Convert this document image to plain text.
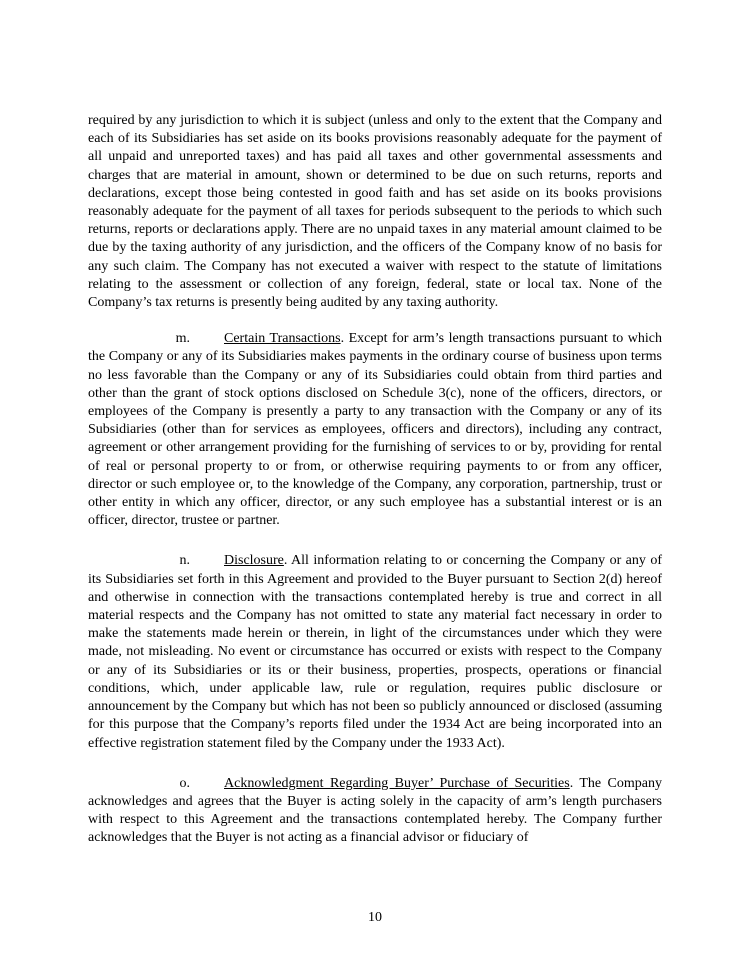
required by any jurisdiction to which it is subject (unless and only to the extent that the Company and each of its Subsidiaries has set aside on its books provisions reasonably adequate for the payment of all unpaid and unreported taxes) and has paid all taxes and other governmental assessments and charges that are material in amount, shown or determined to be due on such returns, reports and declarations, except those being contested in good faith and has set aside on its books provisions reasonably adequate for the payment of all taxes for periods subsequent to the periods to which such returns, reports or declarations apply. There are no unpaid taxes in any material amount claimed to be due by the taxing authority of any jurisdiction, and the officers of the Company know of no basis for any such claim. The Company has not executed a waiver with respect to the statute of limitations relating to the assessment or collection of any foreign, federal, state or local tax. None of the Company’s tax returns is presently being audited by any taxing authority.

m. Certain Transactions. Except for arm’s length transactions pursuant to which the Company or any of its Subsidiaries makes payments in the ordinary course of business upon terms no less favorable than the Company or any of its Subsidiaries could obtain from third parties and other than the grant of stock options disclosed on Schedule 3(c), none of the officers, directors, or employees of the Company is presently a party to any transaction with the Company or any of its Subsidiaries (other than for services as employees, officers and directors), including any contract, agreement or other arrangement providing for the furnishing of services to or by, providing for rental of real or personal property to or from, or otherwise requiring payments to or from any officer, director or such employee or, to the knowledge of the Company, any corporation, partnership, trust or other entity in which any officer, director, or any such employee has a substantial interest or is an officer, director, trustee or partner.

n. Disclosure. All information relating to or concerning the Company or any of its Subsidiaries set forth in this Agreement and provided to the Buyer pursuant to Section 2(d) hereof and otherwise in connection with the transactions contemplated hereby is true and correct in all material respects and the Company has not omitted to state any material fact necessary in order to make the statements made herein or therein, in light of the circumstances under which they were made, not misleading. No event or circumstance has occurred or exists with respect to the Company or any of its Subsidiaries or its or their business, properties, prospects, operations or financial conditions, which, under applicable law, rule or regulation, requires public disclosure or announcement by the Company but which has not been so publicly announced or disclosed (assuming for this purpose that the Company’s reports filed under the 1934 Act are being incorporated into an effective registration statement filed by the Company under the 1933 Act).

o. Acknowledgment Regarding Buyer’ Purchase of Securities. The Company acknowledges and agrees that the Buyer is acting solely in the capacity of arm’s length purchasers with respect to this Agreement and the transactions contemplated hereby. The Company further acknowledges that the Buyer is not acting as a financial advisor or fiduciary of

10
